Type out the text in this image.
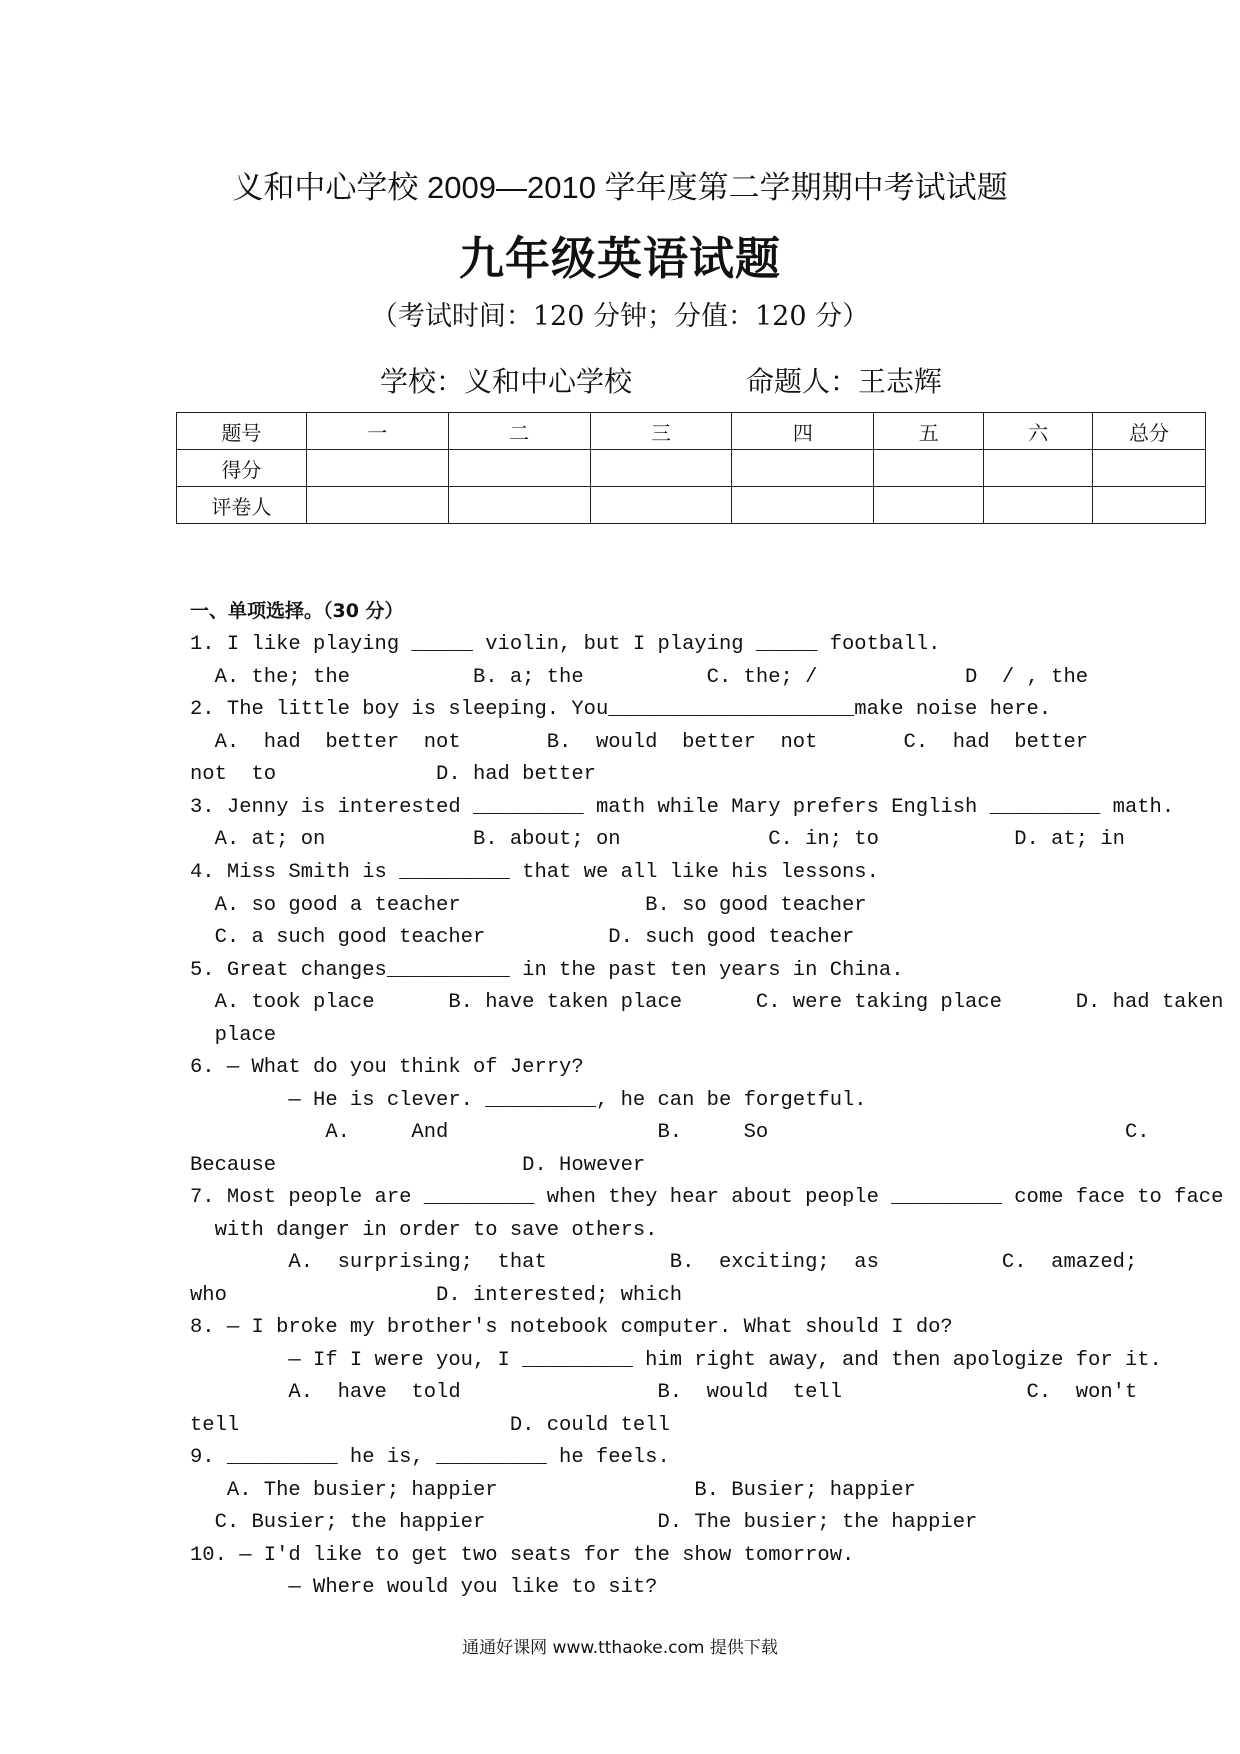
义和中心学校 2009—2010 学年度第二学期期中考试试题
九年级英语试题
（考试时间：120 分钟；分值：120 分）
学校：义和中心学校	命题人：王志辉
题号	一	二	三	四	五	六	总分
得分							
评卷人							
一、单项选择。（30 分）
1. I like playing _____ violin, but I playing _____ football.
A. the; the          B. a; the          C. the; /            D  / , the
2. The little boy is sleeping. You____________________make noise here.
A.  had  better  not       B.  would  better  not       C.  had  better
not  to             D. had better
3. Jenny is interested _________ math while Mary prefers English _________ math.
A. at; on            B. about; on            C. in; to           D. at; in
4. Miss Smith is _________ that we all like his lessons.
A. so good a teacher               B. so good teacher
C. a such good teacher          D. such good teacher
5. Great changes__________ in the past ten years in China.
A. took place      B. have taken place      C. were taking place      D. had taken
place
6. — What do you think of Jerry?
— He is clever. _________, he can be forgetful.
A.     And                 B.     So                             C.
Because                    D. However
7. Most people are _________ when they hear about people _________ come face to face
with danger in order to save others.
A.  surprising;  that          B.  exciting;  as          C.  amazed;
who                 D. interested; which
8. — I broke my brother's notebook computer. What should I do?
— If I were you, I _________ him right away, and then apologize for it.
A.  have  told                B.  would  tell               C.  won't
tell                      D. could tell
9. _________ he is, _________ he feels.
A. The busier; happier                B. Busier; happier
C. Busier; the happier              D. The busier; the happier
10. — I'd like to get two seats for the show tomorrow.
— Where would you like to sit?
通通好课网 www.tthaoke.com 提供下载
